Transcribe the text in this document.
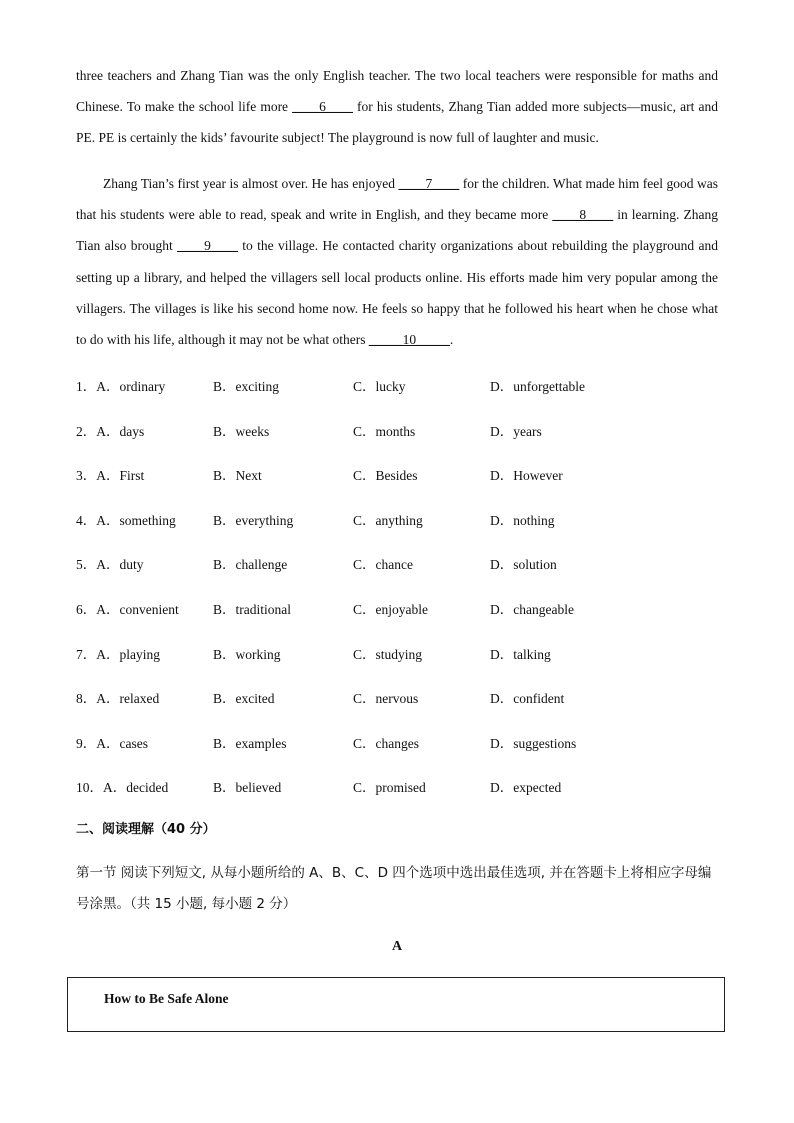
three teachers and Zhang Tian was the only English teacher. The two local teachers were responsible for maths and Chinese. To make the school life more ____6____ for his students, Zhang Tian added more subjects—music, art and PE. PE is certainly the kids’ favourite subject! The playground is now full of laughter and music.

Zhang Tian’s first year is almost over. He has enjoyed ____7____ for the children. What made him feel good was that his students were able to read, speak and write in English, and they became more ____8____ in learning. Zhang Tian also brought ____9____ to the village. He contacted charity organizations about rebuilding the playground and setting up a library, and helped the villagers sell local products online. His efforts made him very popular among the villagers. The villages is like his second home now. He feels so happy that he followed his heart when he chose what to do with his life, although it may not be what others _____10_____.

1．A．ordinary	B．exciting	C．lucky	D．unforgettable
2．A．days	B．weeks	C．months	D．years
3．A．First	B．Next	C．Besides	D．However
4．A．something	B．everything	C．anything	D．nothing
5．A．duty	B．challenge	C．chance	D．solution
6．A．convenient	B．traditional	C．enjoyable	D．changeable
7．A．playing	B．working	C．studying	D．talking
8．A．relaxed	B．excited	C．nervous	D．confident
9．A．cases	B．examples	C．changes	D．suggestions
10．A．decided	B．believed	C．promised	D．expected
二、阅读理解（40 分）

第一节 阅读下列短文, 从每小题所给的 A、B、C、D 四个选项中选出最佳选项, 并在答题卡上将相应字母编号涂黑。（共 15 小题, 每小题 2 分）

A
How to Be Safe Alone
